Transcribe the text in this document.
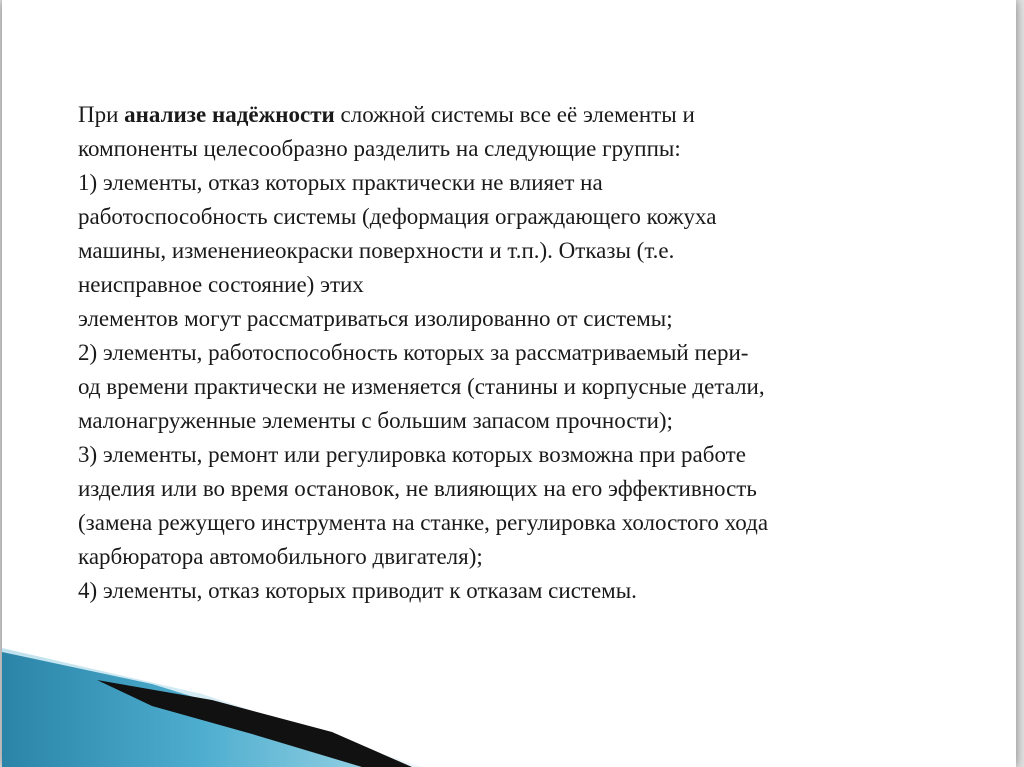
При анализе надёжности сложной системы все её элементы и
компоненты целесообразно разделить на следующие группы:
1) элементы, отказ которых практически не влияет на
работоспособность системы (деформация ограждающего кожуха
машины, изменениеокраски поверхности и т.п.). Отказы (т.е.
неисправное состояние) этих
элементов могут рассматриваться изолированно от системы;
2) элементы, работоспособность которых за рассматриваемый пери-
од времени практически не изменяется (станины и корпусные детали,
малонагруженные элементы с большим запасом прочности);
3) элементы, ремонт или регулировка которых возможна при работе
изделия или во время остановок, не влияющих на его эффективность
(замена режущего инструмента на станке, регулировка холостого хода
карбюратора автомобильного двигателя);
4) элементы, отказ которых приводит к отказам системы.
